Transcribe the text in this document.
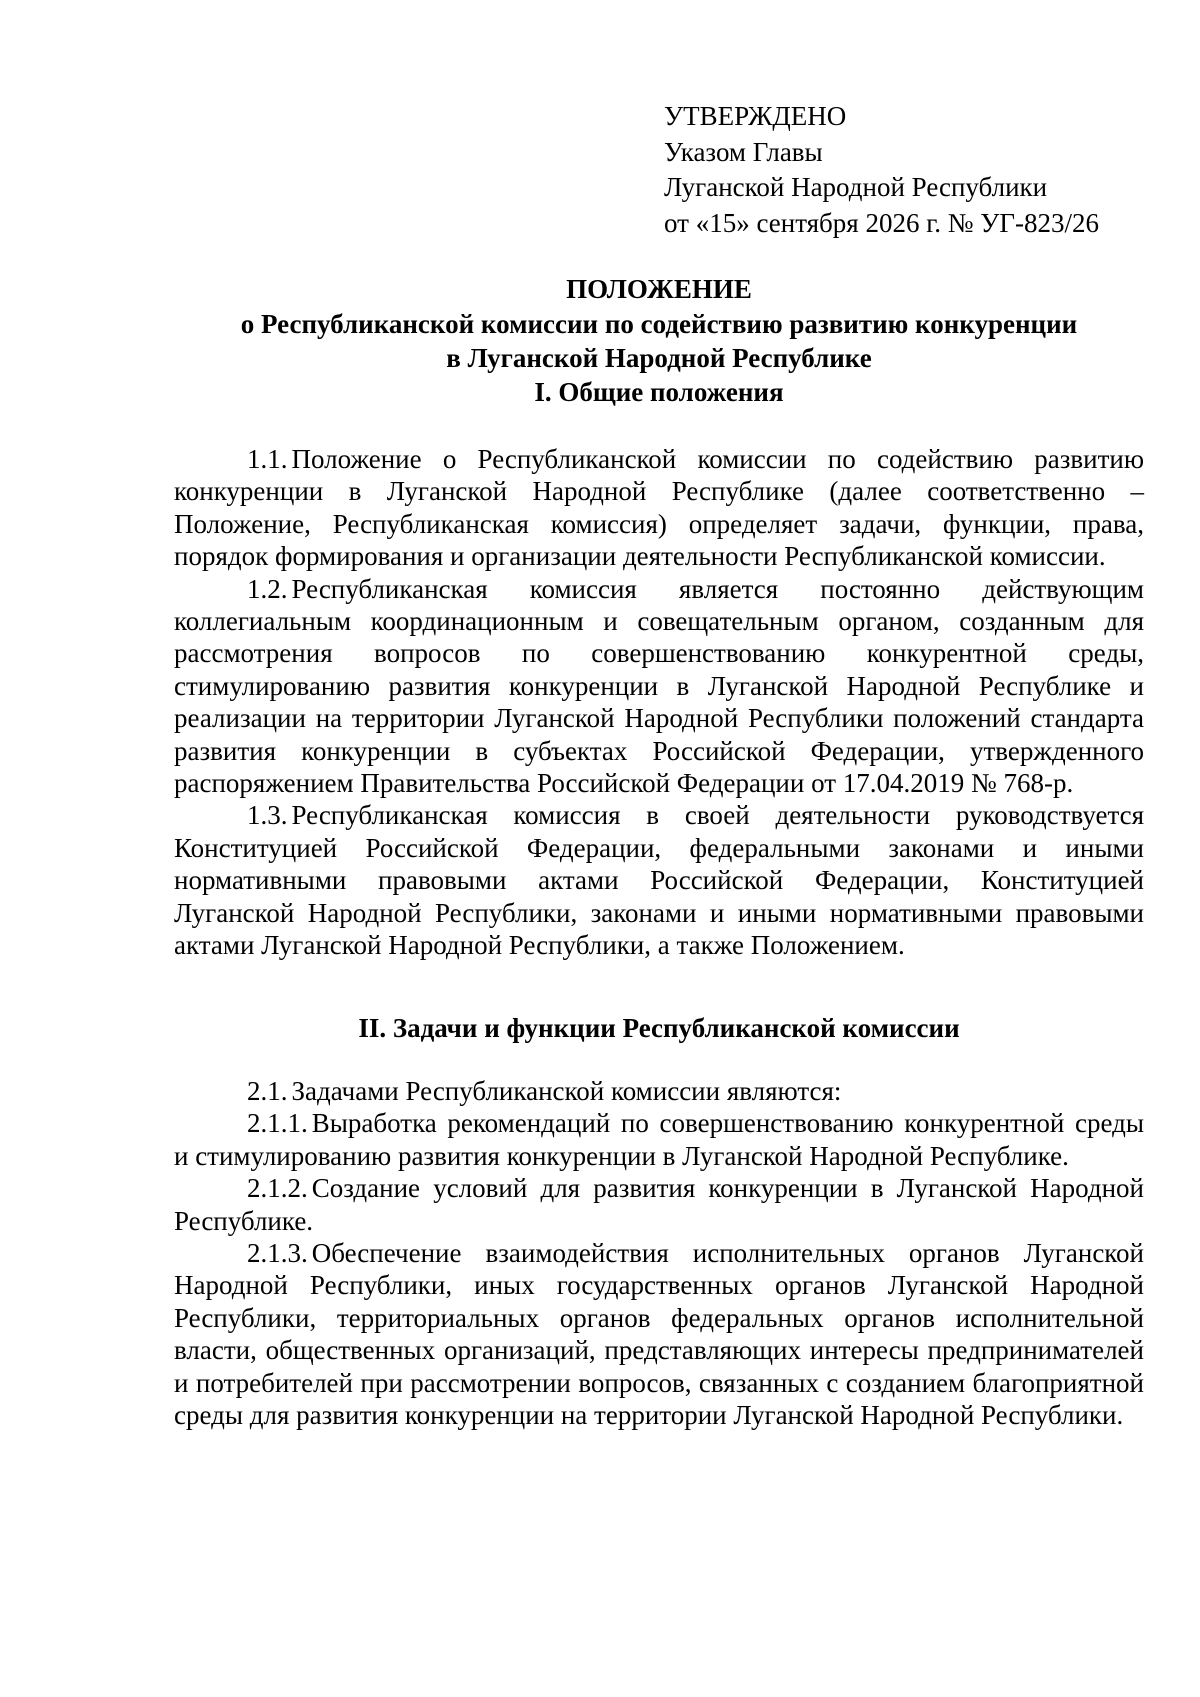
УТВЕРЖДЕНО
Указом Главы
Луганской Народной Республики
от «15» сентября 2026 г. № УГ-823/26
ПОЛОЖЕНИЕ
о Республиканской комиссии по содействию развитию конкуренции
в Луганской Народной Республике
I. Общие положения

1.1. Положение о Республиканской комиссии по содействию развитию конкуренции в Луганской Народной Республике (далее соответственно – Положение, Республиканская комиссия) определяет задачи, функции, права, порядок формирования и организации деятельности Республиканской комиссии.

1.2. Республиканская комиссия является постоянно действующим коллегиальным координационным и совещательным органом, созданным для рассмотрения вопросов по совершенствованию конкурентной среды, стимулированию развития конкуренции в Луганской Народной Республике и реализации на территории Луганской Народной Республики положений стандарта развития конкуренции в субъектах Российской Федерации, утвержденного распоряжением Правительства Российской Федерации от 17.04.2019 № 768-р.

1.3. Республиканская комиссия в своей деятельности руководствуется Конституцией Российской Федерации, федеральными законами и иными нормативными правовыми актами Российской Федерации, Конституцией Луганской Народной Республики, законами и иными нормативными правовыми актами Луганской Народной Республики, а также Положением.

II. Задачи и функции Республиканской комиссии

2.1. Задачами Республиканской комиссии являются:

2.1.1. Выработка рекомендаций по совершенствованию конкурентной среды и стимулированию развития конкуренции в Луганской Народной Республике.

2.1.2. Создание условий для развития конкуренции в Луганской Народной Республике.

2.1.3. Обеспечение взаимодействия исполнительных органов Луганской Народной Республики, иных государственных органов Луганской Народной Республики, территориальных органов федеральных органов исполнительной власти, общественных организаций, представляющих интересы предпринимателей и потребителей при рассмотрении вопросов, связанных с созданием благоприятной среды для развития конкуренции на территории Луганской Народной Республики.
